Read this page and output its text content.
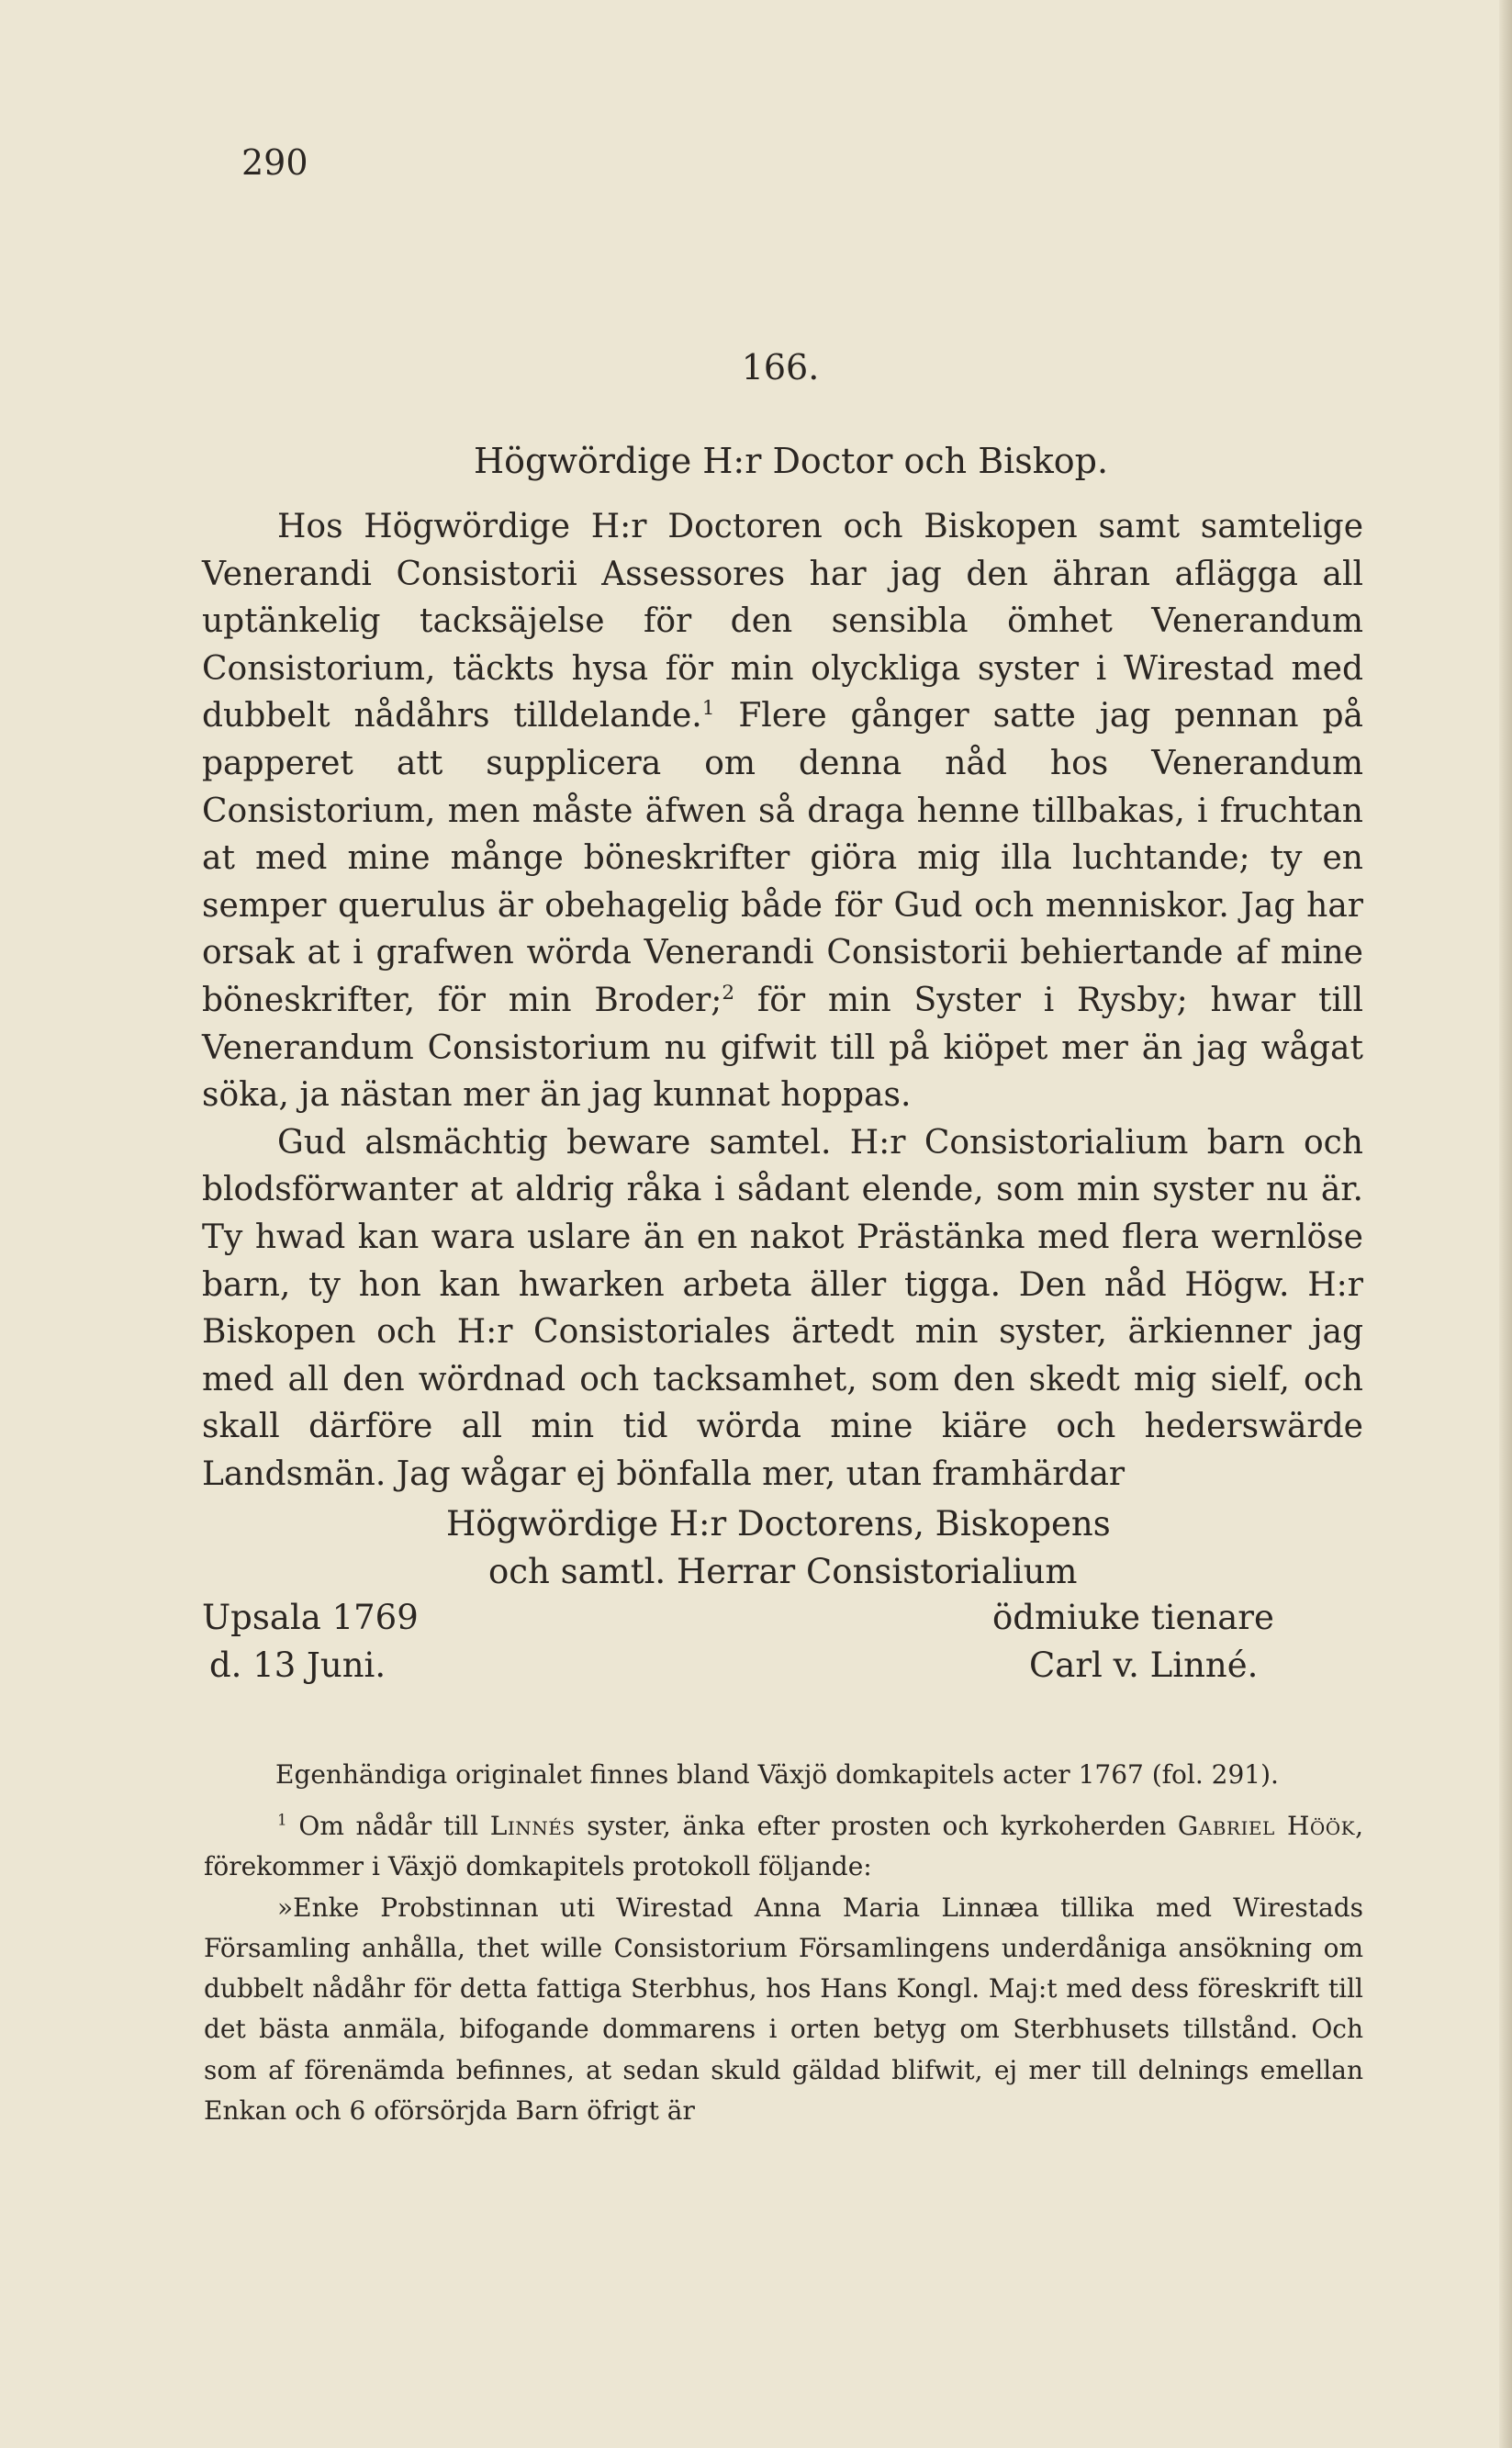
290
166.
Högwördige H:r Doctor och Biskop.

Hos Högwördige H:r Doctoren och Biskopen samt samtelige Venerandi Consistorii Assessores har jag den ähran aflägga all uptänkelig tacksäjelse för den sensibla ömhet Venerandum Consistorium, täckts hysa för min olyckliga syster i Wirestad med dubbelt nådåhrs tilldelande.$^1$ Flere gånger satte jag pennan på papperet att supplicera om denna nåd hos Venerandum Consistorium, men måste äfwen så draga henne tillbakas, i fruchtan at med mine månge böneskrifter giöra mig illa luchtande; ty en semper querulus är obehagelig både för Gud och menniskor. Jag har orsak at i grafwen wörda Venerandi Consistorii behiertande af mine böneskrifter, för min Broder;$^2$ för min Syster i Rysby; hwar till Venerandum Consistorium nu gifwit till på kiöpet mer än jag wågat söka, ja nästan mer än jag kunnat hoppas.

Gud alsmächtig beware samtel. H:r Consistorialium barn och blodsförwanter at aldrig råka i sådant elende, som min syster nu är. Ty hwad kan wara uslare än en nakot Prästänka med flera wernlöse barn, ty hon kan hwarken arbeta äller tigga. Den nåd Högw. H:r Biskopen och H:r Consistoriales ärtedt min syster, ärkienner jag med all den wördnad och tacksamhet, som den skedt mig sielf, och skall därföre all min tid wörda mine kiäre och hederswärde Landsmän. Jag wågar ej bönfalla mer, utan framhärdar

Högwördige H:r Doctorens, Biskopens
och samtl. Herrar Consistorialium
Upsala 1769
d. 13 Juni.
ödmiuke tienare
Carl v. Linné.
Egenhändiga originalet finnes bland Växjö domkapitels acter 1767 (fol. 291).

$^1$ Om nådår till Linnés syster, änka efter prosten och kyrkoherden Gabriel Höök, förekommer i Växjö domkapitels protokoll följande:

»Enke Probstinnan uti Wirestad Anna Maria Linnæa tillika med Wirestads Församling anhålla, thet wille Consistorium Församlingens underdåniga ansökning om dubbelt nådåhr för detta fattiga Sterbhus, hos Hans Kongl. Maj:t med dess föreskrift till det bästa anmäla, bifogande dommarens i orten betyg om Sterbhusets tillstånd. Och som af förenämda befinnes, at sedan skuld gäldad blifwit, ej mer till delnings emellan Enkan och 6 oförsörjda Barn öfrigt är
